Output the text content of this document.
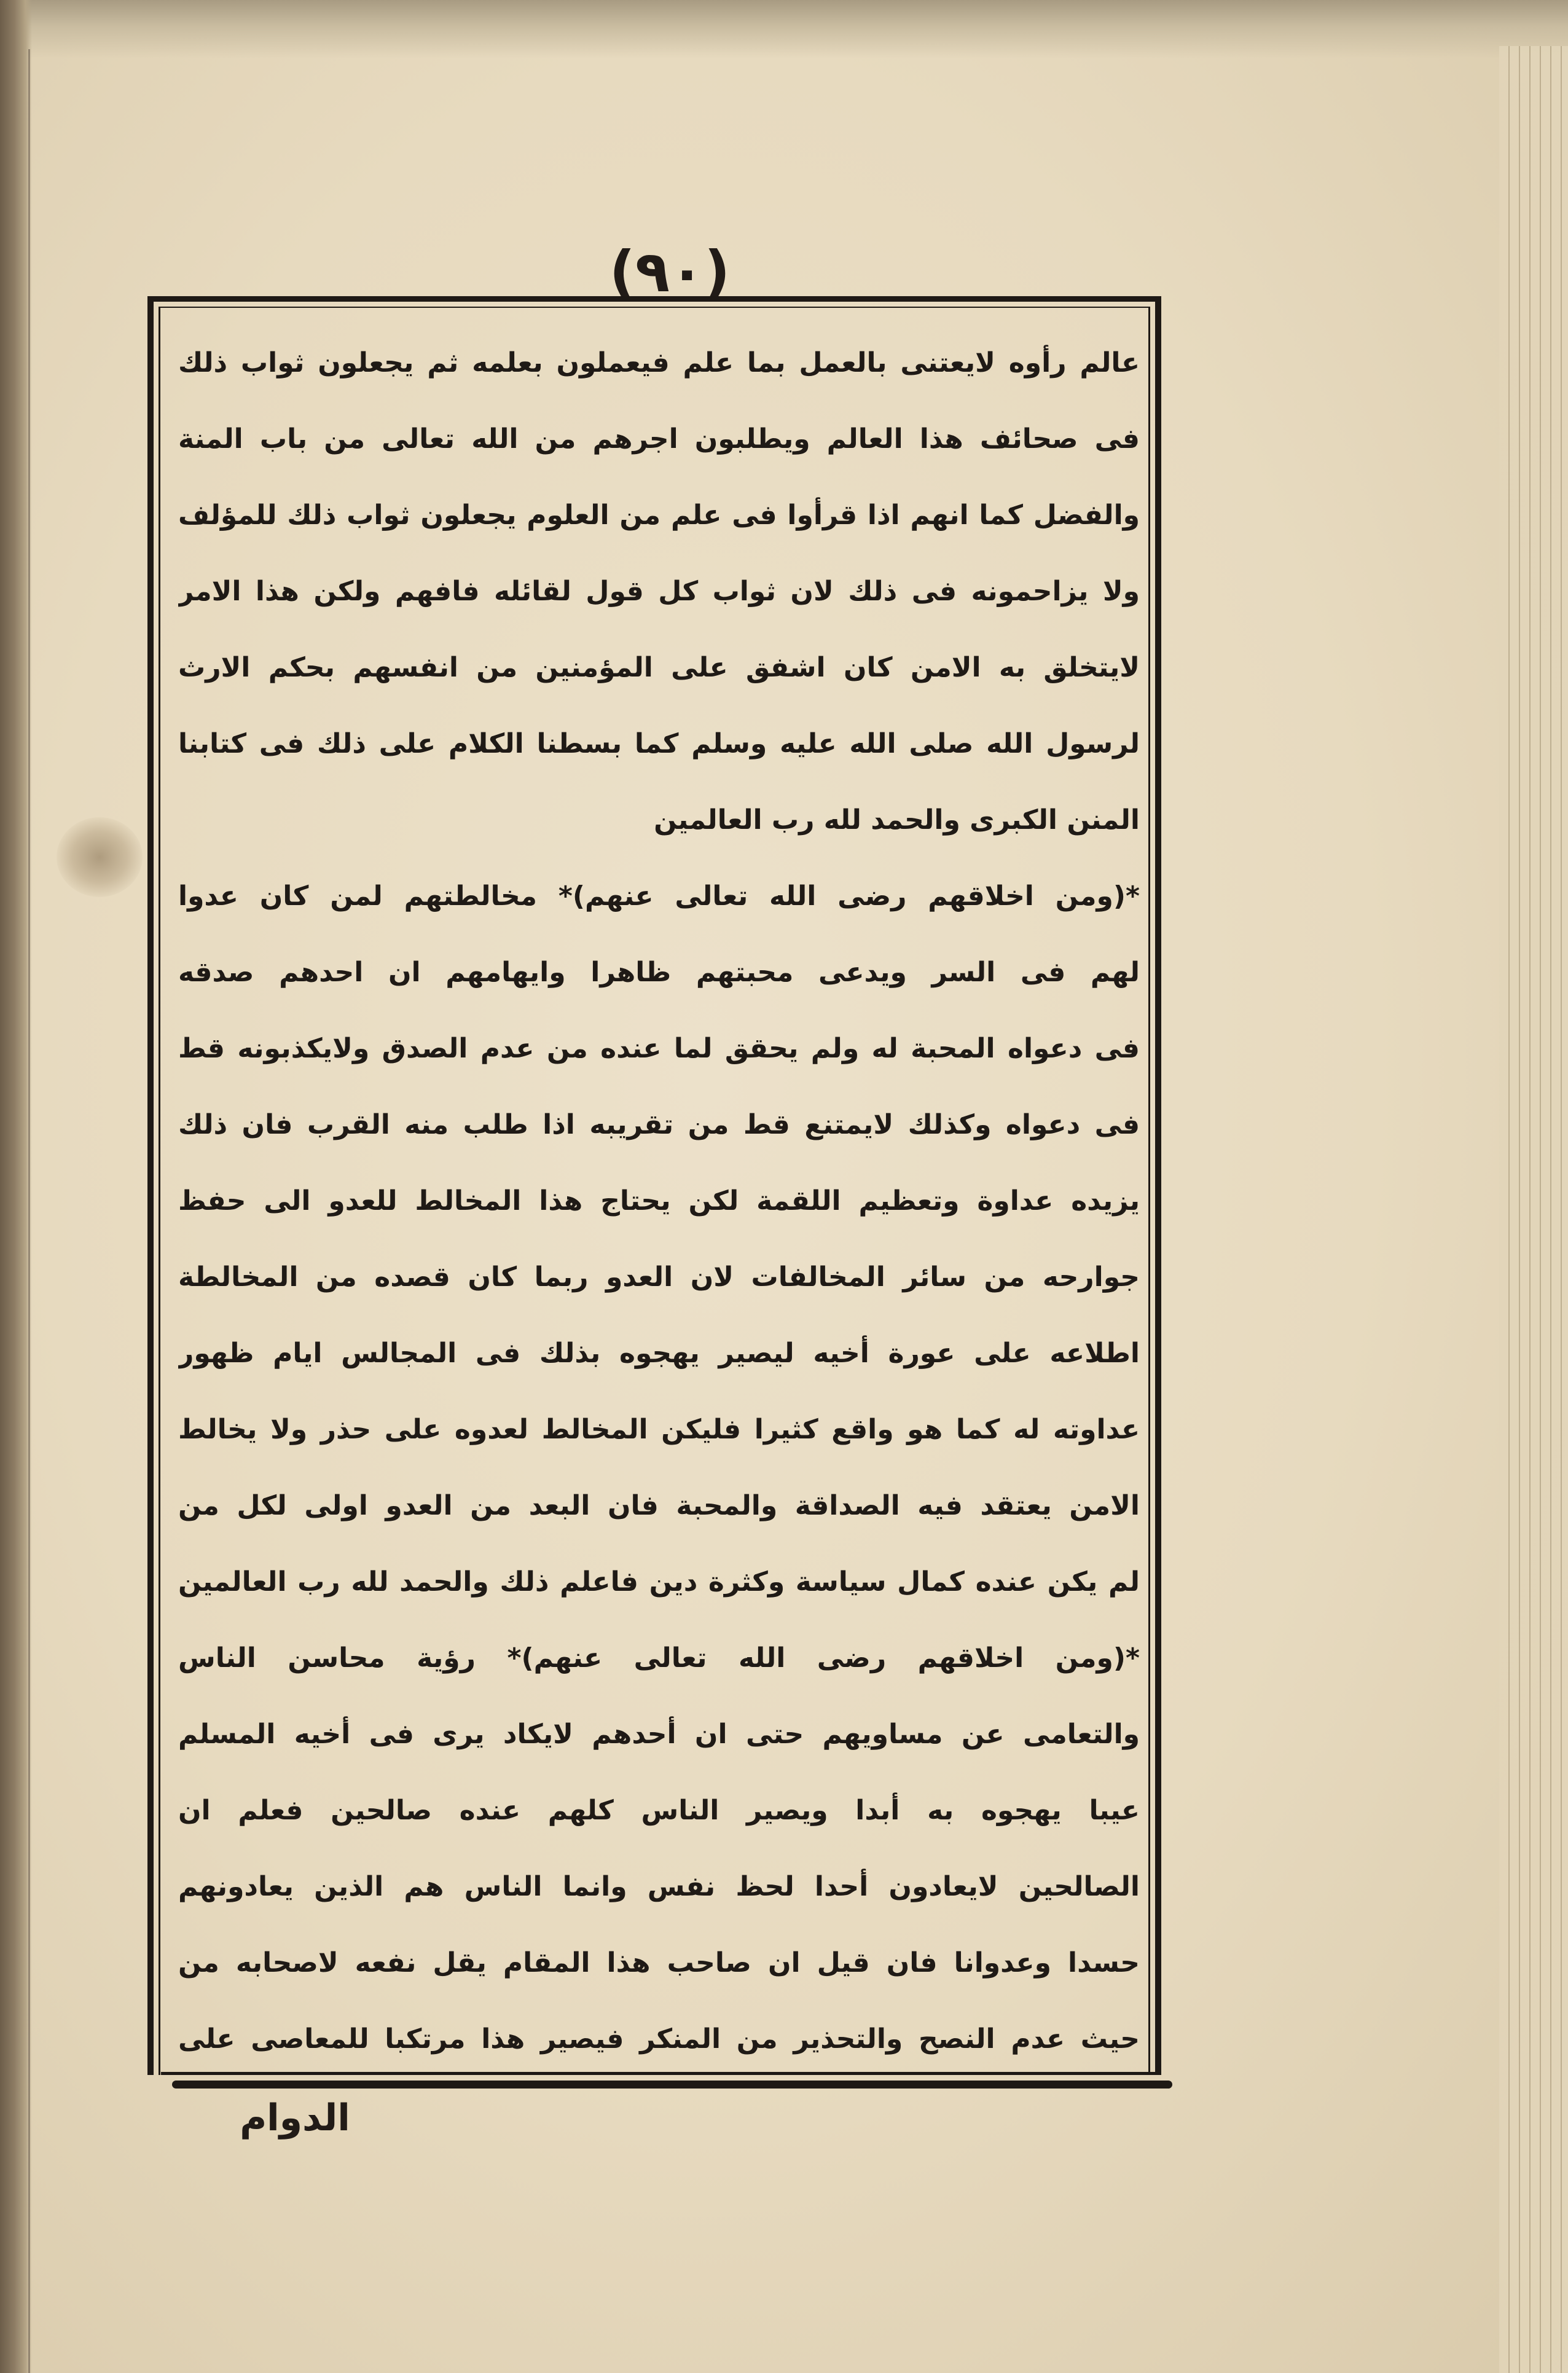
(٩٠)
عالم رأوه لايعتنى بالعمل بما علم فيعملون بعلمه ثم يجعلون ثواب ذلك
فى صحائف هذا العالم ويطلبون اجرهم من الله تعالى من باب المنة
والفضل كما انهم اذا قرأوا فى علم من العلوم يجعلون ثواب ذلك للمؤلف
ولا يزاحمونه فى ذلك لان ثواب كل قول لقائله فافهم ولكن هذا الامر
لايتخلق به الامن كان اشفق على المؤمنين من انفسهم بحكم الارث
لرسول الله صلى الله عليه وسلم كما بسطنا الكلام على ذلك فى كتابنا
المنن الكبرى والحمد لله رب العالمين
*(ومن اخلاقهم رضى الله تعالى عنهم)* مخالطتهم لمن كان عدوا
لهم فى السر ويدعى محبتهم ظاهرا وايهامهم ان احدهم صدقه
فى دعواه المحبة له ولم يحقق لما عنده من عدم الصدق ولايكذبونه قط
فى دعواه وكذلك لايمتنع قط من تقريبه اذا طلب منه القرب فان ذلك
يزيده عداوة وتعظيم اللقمة لكن يحتاج هذا المخالط للعدو الى حفظ
جوارحه من سائر المخالفات لان العدو ربما كان قصده من المخالطة
اطلاعه على عورة أخيه ليصير يهجوه بذلك فى المجالس ايام ظهور
عداوته له كما هو واقع كثيرا فليكن المخالط لعدوه على حذر ولا يخالط
الامن يعتقد فيه الصداقة والمحبة فان البعد من العدو اولى لكل من
لم يكن عنده كمال سياسة وكثرة دين فاعلم ذلك والحمد لله رب العالمين
*(ومن اخلاقهم رضى الله تعالى عنهم)* رؤية محاسن الناس
والتعامى عن مساويهم حتى ان أحدهم لايكاد يرى فى أخيه المسلم
عيبا يهجوه به أبدا ويصير الناس كلهم عنده صالحين فعلم ان
الصالحين لايعادون أحدا لحظ نفس وانما الناس هم الذين يعادونهم
حسدا وعدوانا فان قيل ان صاحب هذا المقام يقل نفعه لاصحابه من
حيث عدم النصح والتحذير من المنكر فيصير هذا مرتكبا للمعاصى على
الدوام
